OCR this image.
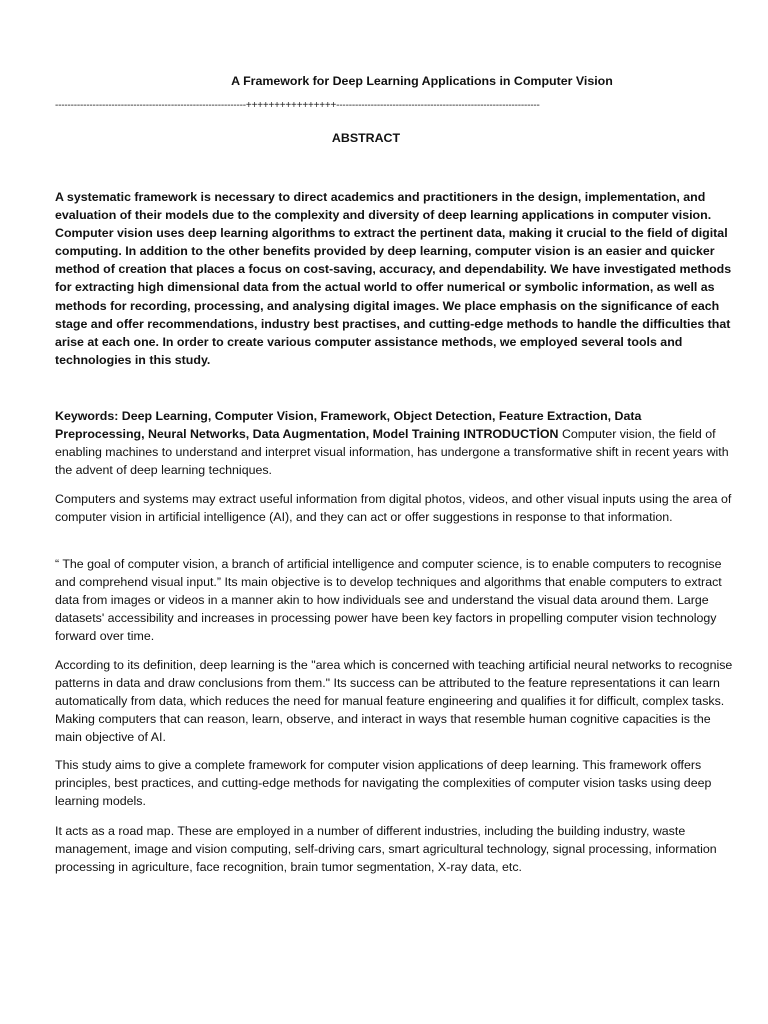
A Framework for Deep Learning Applications in Computer Vision
-------------------------------------------------------------++++++++++++++++-----------------------------------------------------------------
ABSTRACT

A systematic framework is necessary to direct academics and practitioners in the design, implementation, and evaluation of their models due to the complexity and diversity of deep learning applications in computer vision. Computer vision uses deep learning algorithms to extract the pertinent data, making it crucial to the field of digital computing. In addition to the other benefits provided by deep learning, computer vision is an easier and quicker method of creation that places a focus on cost-saving, accuracy, and dependability. We have investigated methods for extracting high dimensional data from the actual world to offer numerical or symbolic information, as well as methods for recording, processing, and analysing digital images. We place emphasis on the significance of each stage and offer recommendations, industry best practises, and cutting-edge methods to handle the difficulties that arise at each one. In order to create various computer assistance methods, we employed several tools and technologies in this study.

Keywords: Deep Learning, Computer Vision, Framework, Object Detection, Feature Extraction, Data Preprocessing, Neural Networks, Data Augmentation, Model Training INTRODUCTİON Computer vision, the field of enabling machines to understand and interpret visual information, has undergone a transformative shift in recent years with the advent of deep learning techniques.

Computers and systems may extract useful information from digital photos, videos, and other visual inputs using the area of computer vision in artificial intelligence (AI), and they can act or offer suggestions in response to that information.

“ The goal of computer vision, a branch of artificial intelligence and computer science, is to enable computers to recognise and comprehend visual input.” Its main objective is to develop techniques and algorithms that enable computers to extract data from images or videos in a manner akin to how individuals see and understand the visual data around them. Large datasets' accessibility and increases in processing power have been key factors in propelling computer vision technology forward over time.

According to its definition, deep learning is the "area which is concerned with teaching artificial neural networks to recognise patterns in data and draw conclusions from them." Its success can be attributed to the feature representations it can learn automatically from data, which reduces the need for manual feature engineering and qualifies it for difficult, complex tasks. Making computers that can reason, learn, observe, and interact in ways that resemble human cognitive capacities is the main objective of AI.

This study aims to give a complete framework for computer vision applications of deep learning. This framework offers principles, best practices, and cutting-edge methods for navigating the complexities of computer vision tasks using deep learning models.

It acts as a road map. These are employed in a number of different industries, including the building industry, waste management, image and vision computing, self-driving cars, smart agricultural technology, signal processing, information processing in agriculture, face recognition, brain tumor segmentation, X-ray data, etc.
